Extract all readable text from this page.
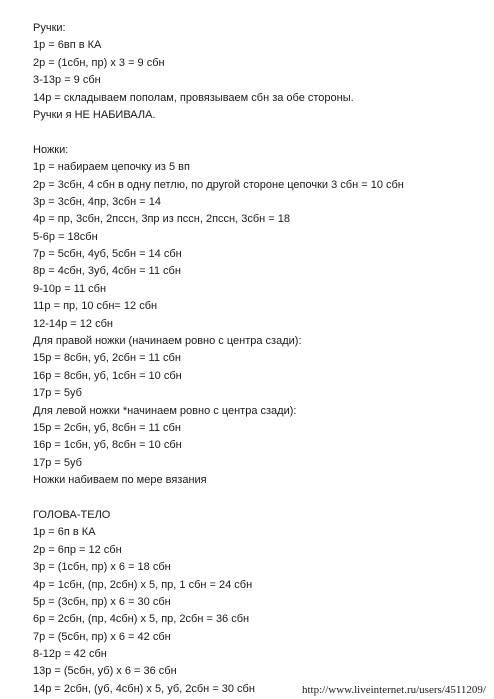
Ручки:
1р = 6вп в КА
2р = (1сбн, пр) х 3 = 9 сбн
3-13р = 9 сбн
14р = складываем пополам, провязываем сбн за обе стороны.
Ручки я НЕ НАБИВАЛА.
Ножки:
1р = набираем цепочку из 5 вп
2р = 3сбн, 4 сбн в одну петлю, по другой стороне цепочки 3 сбн = 10 сбн
3р = 3сбн, 4пр, 3сбн = 14
4р = пр, 3сбн, 2пссн, 3пр из пссн, 2пссн, 3сбн = 18
5-6р = 18сбн
7р = 5сбн, 4уб, 5сбн = 14 сбн
8р = 4сбн, 3уб, 4сбн = 11 сбн
9-10р = 11 сбн
11р = пр, 10 сбн= 12 сбн
12-14р = 12 сбн
Для правой ножки (начинаем ровно с центра сзади):
15р = 8сбн, уб, 2сбн = 11 сбн
16р = 8сбн, уб, 1сбн = 10 сбн
17р = 5уб
Для левой ножки *начинаем ровно с центра сзади):
15р = 2сбн, уб, 8сбн = 11 сбн
16р = 1сбн, уб, 8сбн = 10 сбн
17р = 5уб
Ножки набиваем по мере вязания
ГОЛОВА-ТЕЛО
1р = 6п в КА
2р = 6пр = 12 сбн
3р = (1сбн, пр) х 6 = 18 сбн
4р = 1сбн, (пр, 2сбн) х 5, пр, 1 сбн = 24 сбн
5р = (3сбн, пр) х 6 = 30 сбн
6р = 2сбн, (пр, 4сбн) х 5, пр, 2сбн = 36 сбн
7р = (5сбн, пр) х 6 = 42 сбн
8-12р = 42 сбн
13р = (5сбн, уб) х 6 = 36 сбн
14р = 2сбн, (уб, 4сбн) х 5, уб, 2сбн = 30 сбн	http://www.liveinternet.ru/users/4511209/
